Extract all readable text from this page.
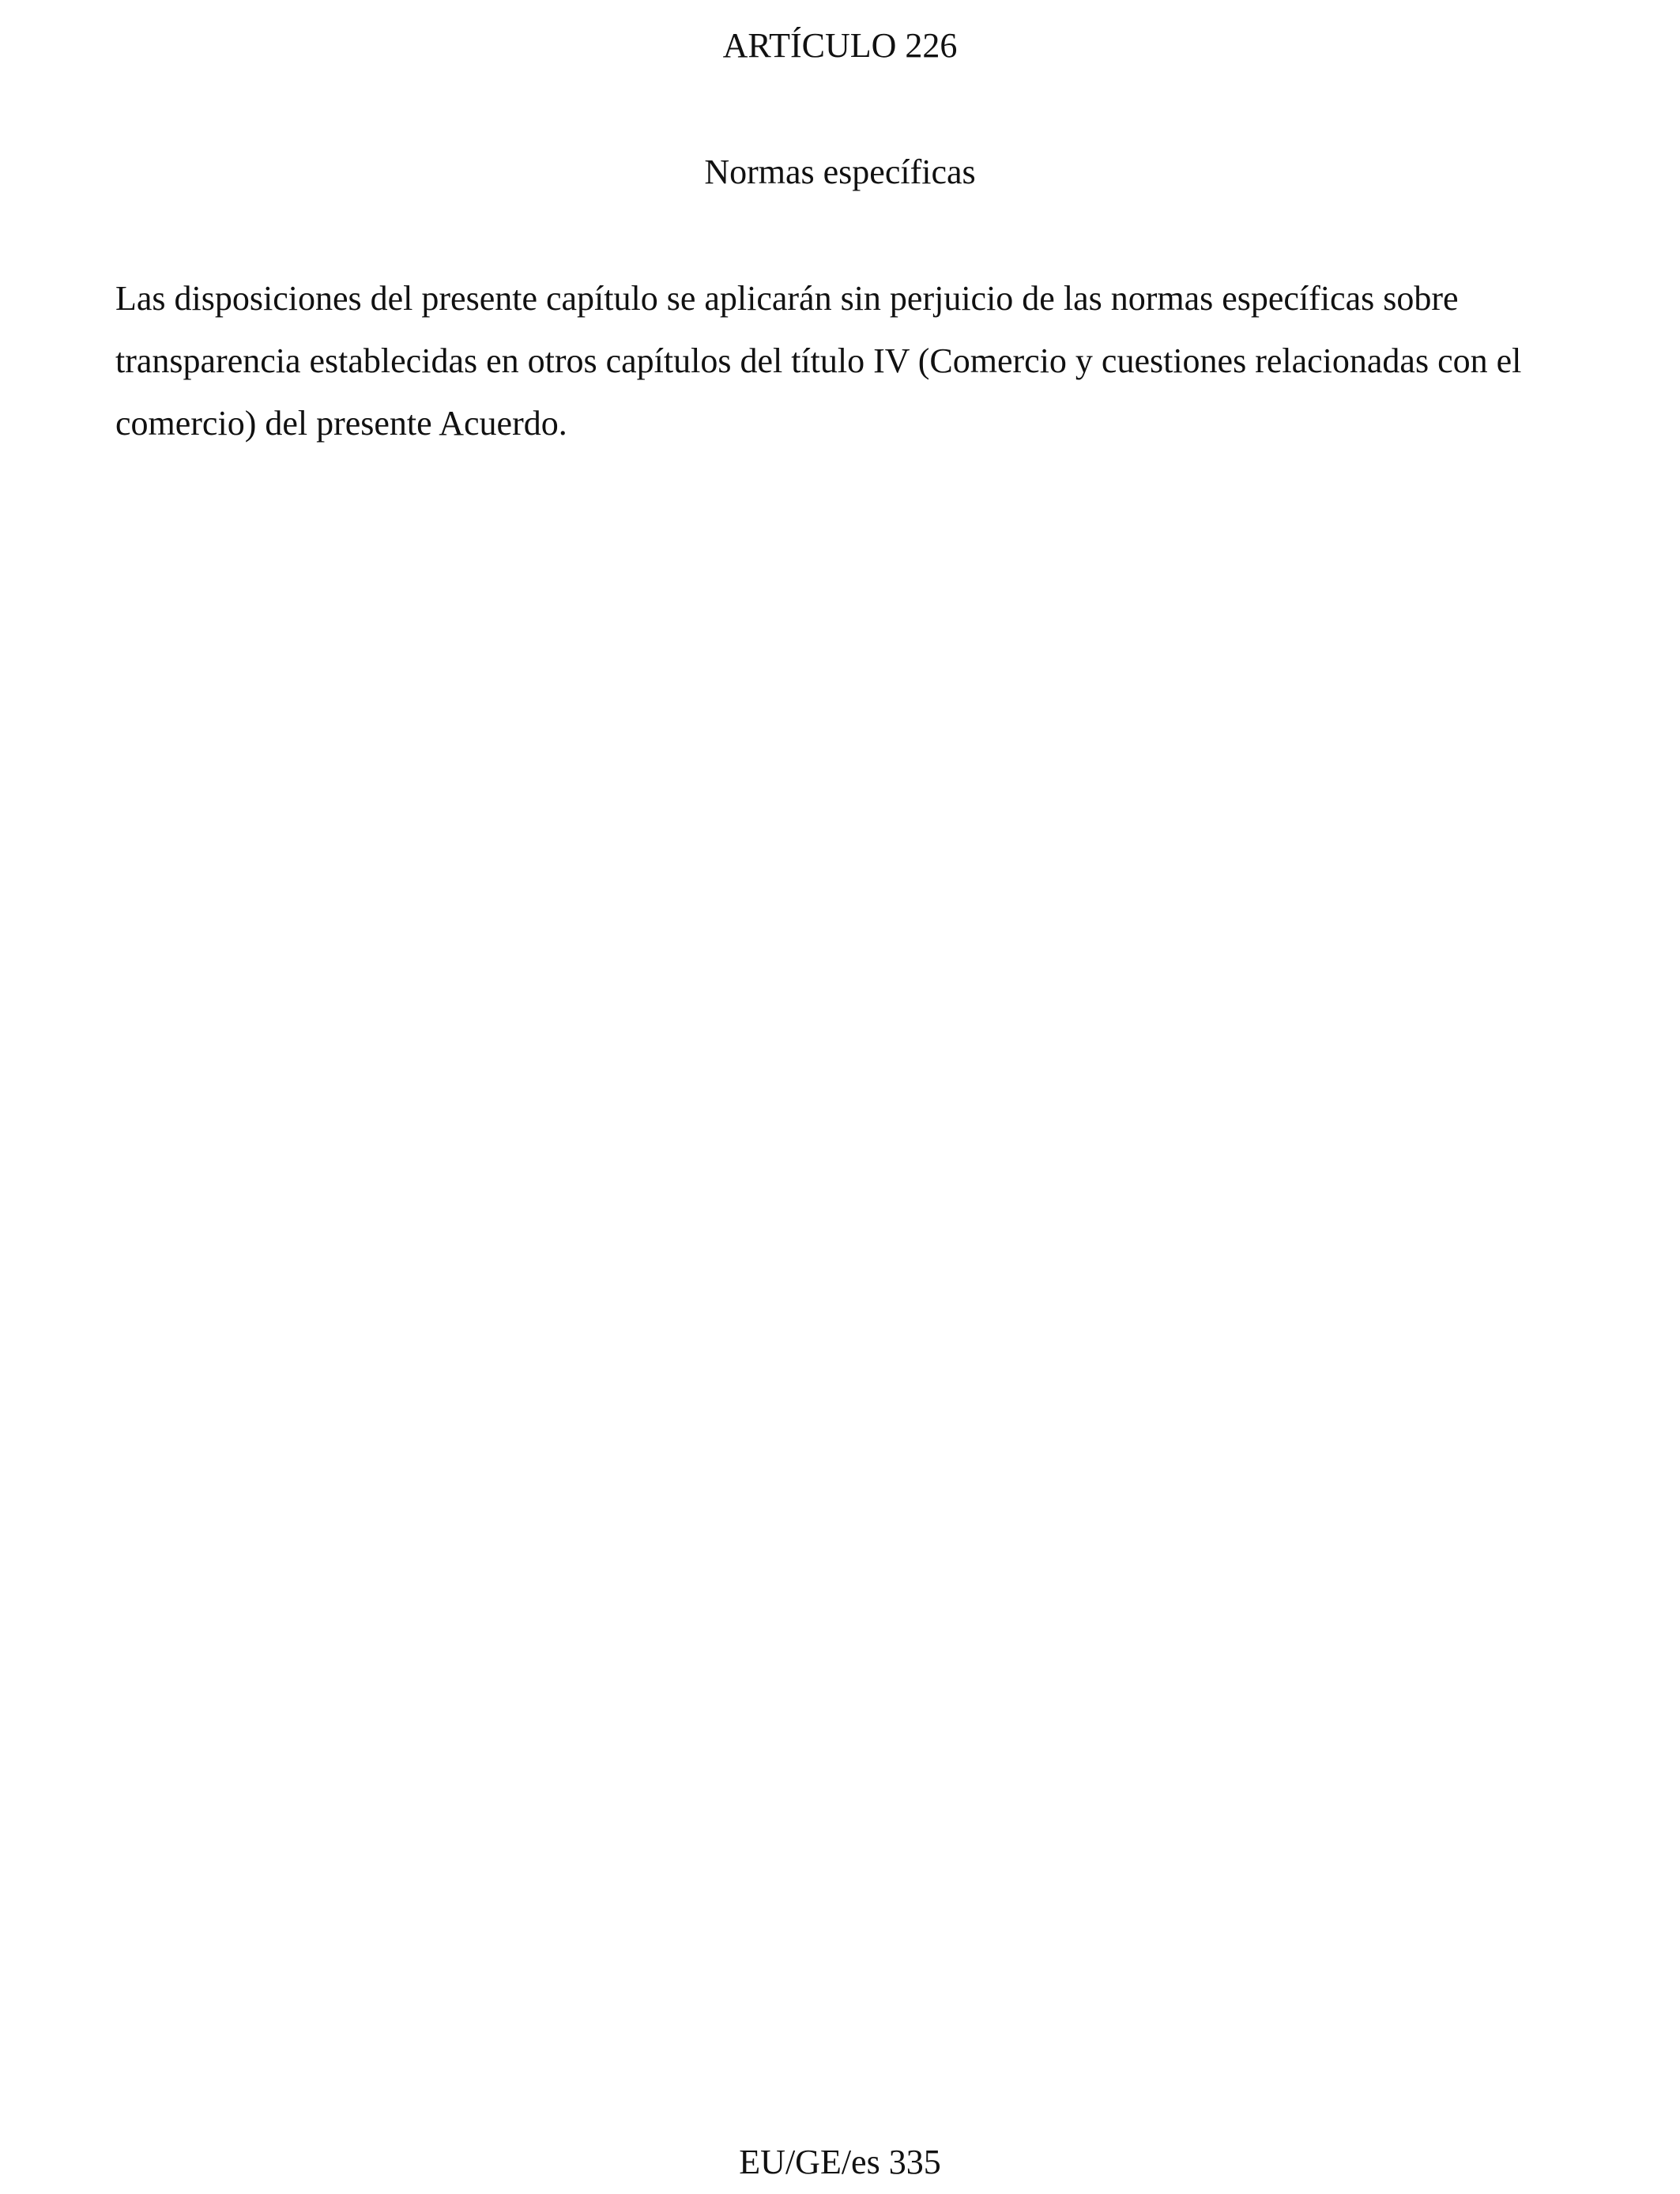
ARTÍCULO 226
Normas específicas

Las disposiciones del presente capítulo se aplicarán sin perjuicio de las normas específicas sobre transparencia establecidas en otros capítulos del título IV (Comercio y cuestiones relacionadas con el comercio) del presente Acuerdo.

EU/GE/es 335
